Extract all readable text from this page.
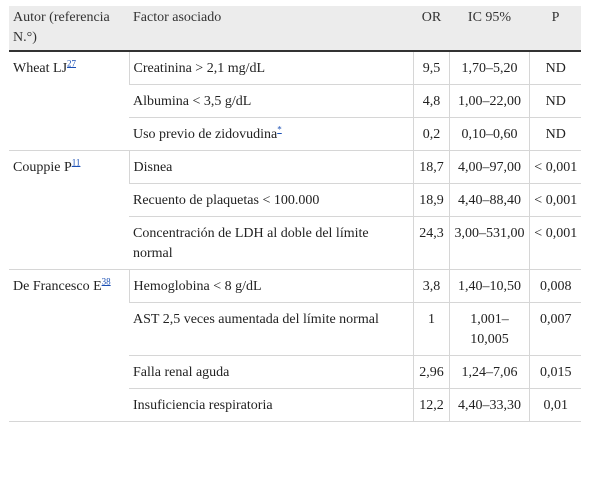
Autor (referencia N.°)	Factor asociado	OR	IC 95%	P
Wheat LJ$^{27}$	Creatinina > 2,1 mg/dL	9,5	1,70–5,20	ND
	Albumina < 3,5 g/dL	4,8	1,00–22,00	ND
	Uso previo de zidovudina*	0,2	0,10–0,60	ND
Couppie P$^{11}$	Disnea	18,7	4,00–97,00	< 0,001
	Recuento de plaquetas < 100.000	18,9	4,40–88,40	< 0,001
	Concentración de LDH al doble del límite normal	24,3	3,00–531,00	< 0,001
De Francesco E$^{38}$	Hemoglobina < 8 g/dL	3,8	1,40–10,50	0,008
	AST 2,5 veces aumentada del límite normal	1	1,001–10,005	0,007
	Falla renal aguda	2,96	1,24–7,06	0,015
	Insuficiencia respiratoria	12,2	4,40–33,30	0,01
